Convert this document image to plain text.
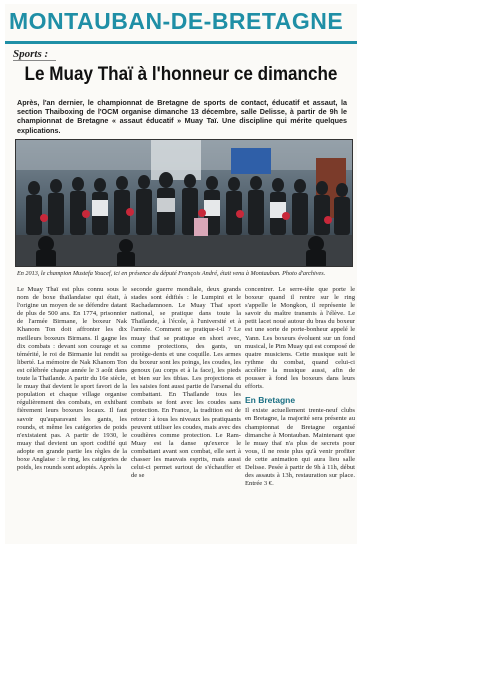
MONTAUBAN-DE-BRETAGNE
Sports :
Le Muay Thaï à l'honneur ce dimanche
Après, l'an dernier, le championnat de Bretagne de sports de contact, éducatif et assaut, la section Thaiboxing de l'OCM organise dimanche 13 décembre, salle Delisse, à partir de 9h le championnat de Bretagne « assaut éducatif » Muay Taï. Une discipline qui mérite quelques explications.
En 2013, le champion Mustefa Youcef, ici en présence du député François André, était venu à Montauban. Photo d'archives.

Le Muay Thaï est plus connu sous le nom de boxe thaïlandaise qui était, à l'origine un moyen de se défendre datant de plus de 500 ans. En 1774, prisonnier de l'armée Birmane, le boxeur Nak Khanom Ton doit affronter les dix meilleurs boxeurs Birmans. Il gagne les dix combats : devant son courage et sa témérité, le roi de Birmanie lui rendit sa liberté. La mémoire de Nak Khanom Ton est célébrée chaque année le 3 août dans toute la Thaïlande. A partir du 16e siècle, le muay thaï devient le sport favori de la population et chaque village organise régulièrement des combats, en exhibant fièrement leurs boxeurs locaux. Il faut savoir qu'auparavant les gants, les rounds, et même les catégories de poids n'existaient pas. A partir de 1930, le muay thaï devient un sport codifié qui adopte en grande partie les règles de la boxe Anglaise : le ring, les catégories de poids, les rounds sont adoptés. Après la

seconde guerre mondiale, deux grands stades sont édifiés : le Lumpini et le Rachadamnoen. Le Muay Thaï sport national, se pratique dans toute la Thaïlande, à l'école, à l'université et à l'armée. Comment se pratique-t-il ? Le muay thaï se pratique en short avec, comme protections, des gants, un protège-dents et une coquille. Les armes du boxeur sont les poings, les coudes, les genoux (au corps et à la face), les pieds et bien sur les tibias. Les projections et les saisies font aussi partie de l'arsenal du combattant. En Thaïlande tous les combats se font avec les coudes sans protection. En France, la tradition est de retour : à tous les niveaux les pratiquants peuvent utiliser les coudes, mais avec des coudières comme protection. Le Ram-Muay est la danse qu'exerce le combattant avant son combat, elle sert à chasser les mauvais esprits, mais aussi celui-ci permet surtout de s'échauffer et de se

concentrer. Le serre-tête que porte le boxeur quand il rentre sur le ring s'appelle le Mongkon, il représente le savoir du maître transmis à l'élève. Le petit lacet noué autour du bras du boxeur est une sorte de porte-bonheur appelé le Yann. Les boxeurs évoluent sur un fond musical, le Pim Muay qui est composé de quatre musiciens. Cette musique suit le rythme du combat, quand celui-ci accélère la musique aussi, afin de pousser à fond les boxeurs dans leurs efforts.

En Bretagne

Il existe actuellement trente-neuf clubs en Bretagne, la majorité sera présente au championnat de Bretagne organisé dimanche à Montauban. Maintenant que le muay thaï n'a plus de secrets pour vous, il ne reste plus qu'à venir profiter de cette animation qui aura lieu salle Delisse. Pesée à partir de 9h à 11h, début des assauts à 13h, restauration sur place. Entrée 3 €.
